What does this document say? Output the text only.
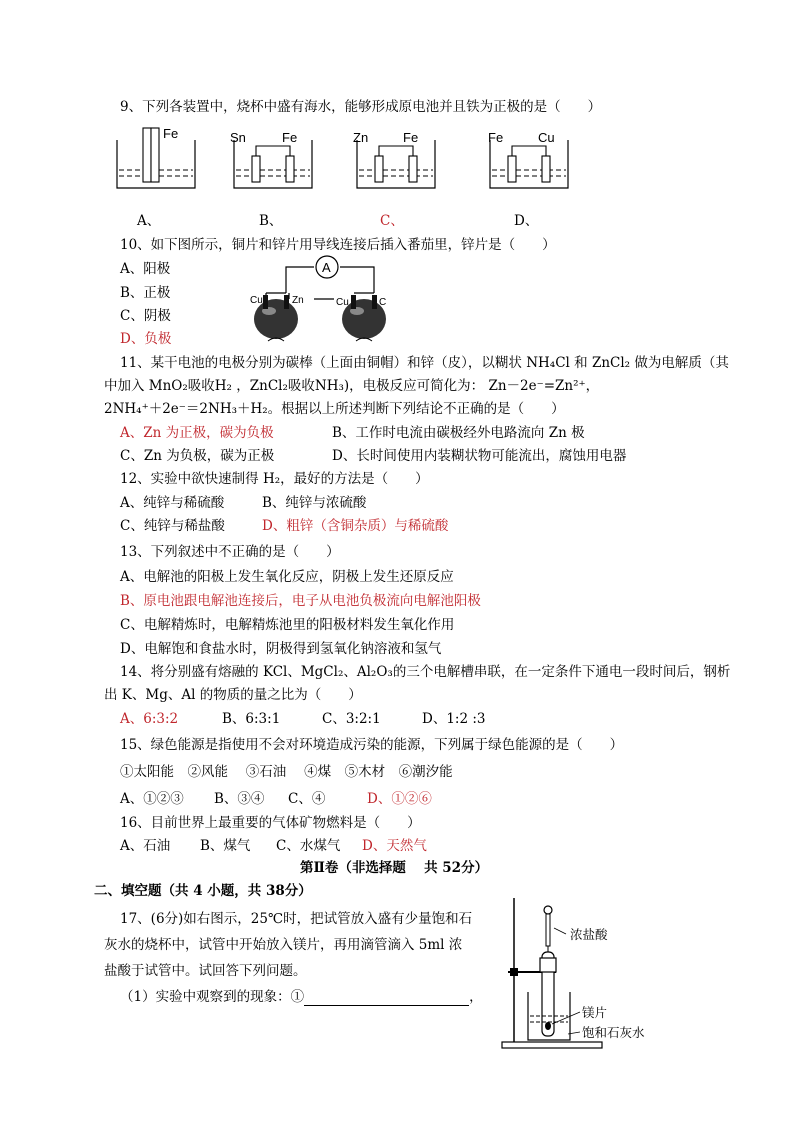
9、下列各装置中，烧杯中盛有海水，能够形成原电池并且铁为正极的是（　　）
Fe	Sn	Fe	Zn	Fe	Fe	Cu
A、	B、	C、	D、
10、如下图所示，铜片和锌片用导线连接后插入番茄里，锌片是（　　）
A、阳极
B、正极
C、阴极
D、负极
A
Cu	Zn	Cu	C
11、某干电池的电极分别为碳棒（上面由铜帽）和锌（皮），以糊状 NH₄Cl 和 ZnCl₂ 做为电解质（其
中加入 MnO₂吸收H₂ ，ZnCl₂吸收NH₃)，电极反应可简化为： Zn－2e⁻=Zn²⁺，
2NH₄⁺＋2e⁻＝2NH₃＋H₂。根据以上所述判断下列结论不正确的是（　　）
A、Zn 为正极，碳为负极	B、工作时电流由碳极经外电路流向 Zn 极
C、Zn 为负极，碳为正极	D、长时间使用内装糊状物可能流出，腐蚀用电器
12、实验中欲快速制得 H₂，最好的方法是（　　）
A、纯锌与稀硫酸	B、纯锌与浓硫酸
C、纯锌与稀盐酸	D、粗锌（含铜杂质）与稀硫酸
13、下列叙述中不正确的是（　　）
A、电解池的阳极上发生氧化反应，阴极上发生还原反应
B、原电池跟电解池连接后，电子从电池负极流向电解池阳极
C、电解精炼时，电解精炼池里的阳极材料发生氧化作用
D、电解饱和食盐水时，阴极得到氢氧化钠溶液和氢气
14、将分别盛有熔融的 KCl、MgCl₂、Al₂O₃的三个电解槽串联，在一定条件下通电一段时间后，钢析
出 K、Mg、Al 的物质的量之比为（　　）
A、6:3:2	B、6:3:1	C、3:2:1	D、1:2 :3
15、绿色能源是指使用不会对环境造成污染的能源，下列属于绿色能源的是（　　）
①太阳能　②风能　 ③石油　 ④煤　⑤木材　⑥潮汐能
A、①②③ B、③④ C、④	D、①②⑥
16、目前世界上最重要的气体矿物燃料是（　　）
A、石油 B、煤气 C、水煤气 D、天然气
第Ⅱ卷（非选择题　 共 52分）
二、填空题（共 4 小题，共 38分）
17、(6分)如右图示，25℃时，把试管放入盛有少量饱和石
灰水的烧杯中，试管中开始放入镁片，再用滴管滴入 5ml 浓
盐酸于试管中。试回答下列问题。
（1）实验中观察到的现象：①	，
浓盐酸
镁片
饱和石灰水
